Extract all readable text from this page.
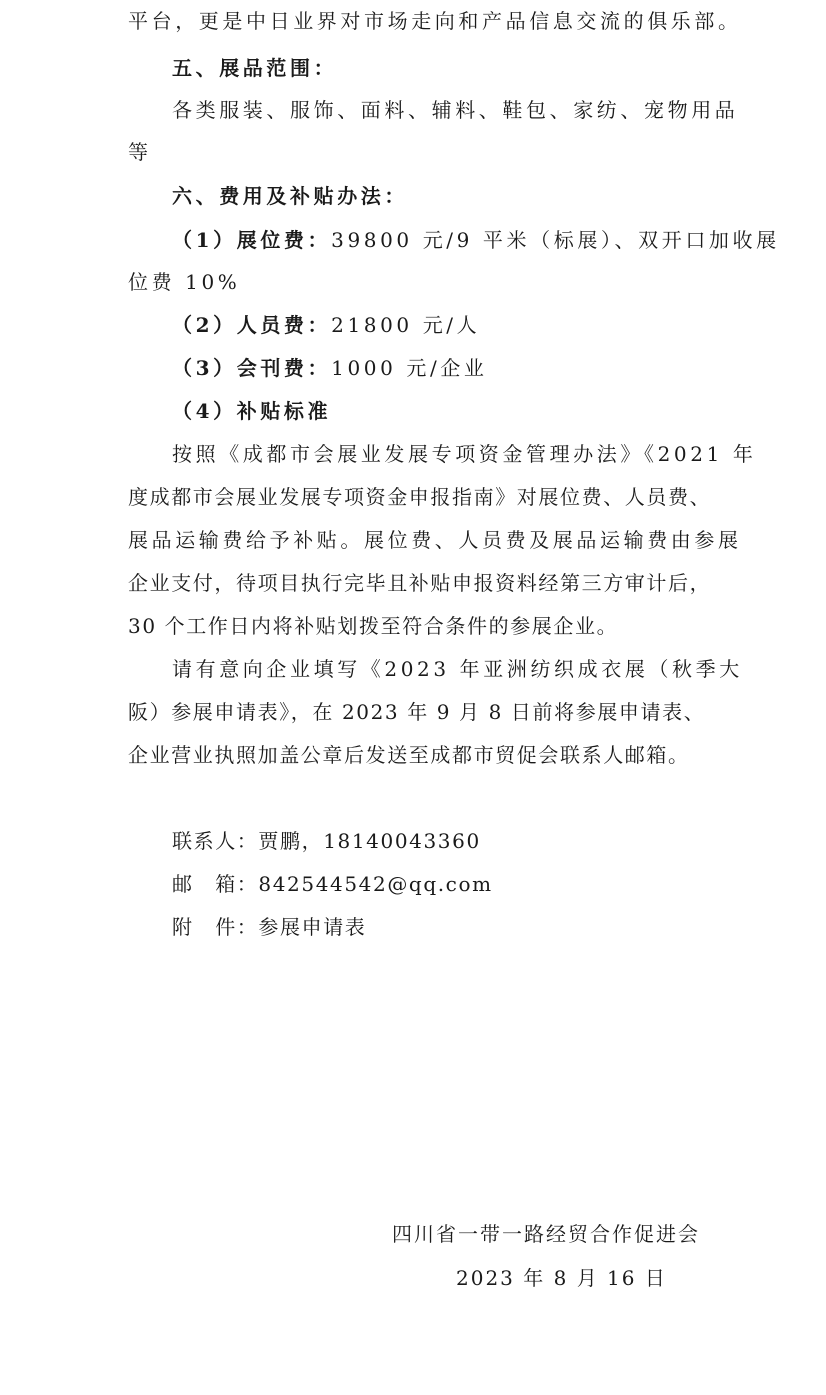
平台，更是中日业界对市场走向和产品信息交流的俱乐部。
五、展品范围：
各类服装、服饰、面料、辅料、鞋包、家纺、宠物用品
等
六、费用及补贴办法：
（1）展位费：39800 元/9 平米（标展）、双开口加收展
位费 10%
（2）人员费：21800 元/人
（3）会刊费：1000 元/企业
（4）补贴标准
按照《成都市会展业发展专项资金管理办法》《2021 年
度成都市会展业发展专项资金申报指南》对展位费、人员费、
展品运输费给予补贴。展位费、人员费及展品运输费由参展
企业支付，待项目执行完毕且补贴申报资料经第三方审计后，
30 个工作日内将补贴划拨至符合条件的参展企业。
请有意向企业填写《2023 年亚洲纺织成衣展（秋季大
阪）参展申请表》，在 2023 年 9 月 8 日前将参展申请表、
企业营业执照加盖公章后发送至成都市贸促会联系人邮箱。
联系人：贾鹏，18140043360
邮　箱：842544542@qq.com
附　件：参展申请表
四川省一带一路经贸合作促进会
2023 年 8 月 16 日
